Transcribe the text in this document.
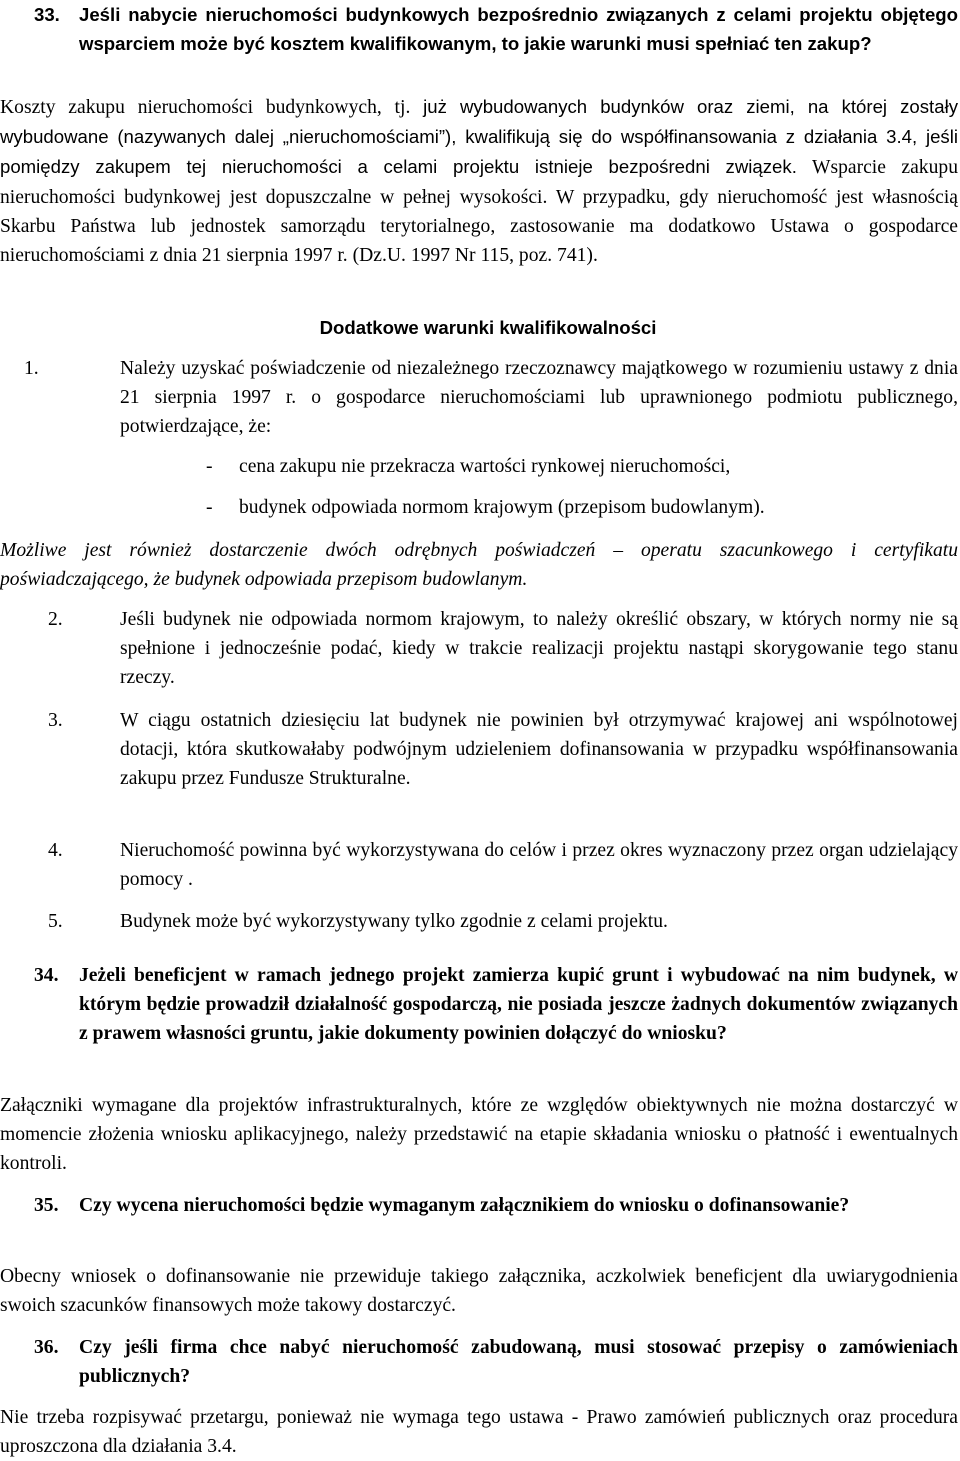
33. Jeśli nabycie nieruchomości budynkowych bezpośrednio związanych z celami projektu objętego wsparciem może być kosztem kwalifikowanym, to jakie warunki musi spełniać ten zakup?
Koszty zakupu nieruchomości budynkowych, tj. już wybudowanych budynków oraz ziemi, na której zostały wybudowane (nazywanych dalej „nieruchomościami”), kwalifikują się do współfinansowania z działania 3.4, jeśli pomiędzy zakupem tej nieruchomości a celami projektu istnieje bezpośredni związek. Wsparcie zakupu nieruchomości budynkowej jest dopuszczalne w pełnej wysokości. W przypadku, gdy nieruchomość jest własnością Skarbu Państwa lub jednostek samorządu terytorialnego, zastosowanie ma dodatkowo Ustawa o gospodarce nieruchomościami z dnia 21 sierpnia 1997 r. (Dz.U. 1997 Nr 115, poz. 741).
Dodatkowe warunki kwalifikowalności
1.	Należy uzyskać poświadczenie od niezależnego rzeczoznawcy majątkowego w rozumieniu ustawy z dnia 21 sierpnia 1997 r. o gospodarce nieruchomościami lub uprawnionego podmiotu publicznego, potwierdzające, że:
- cena zakupu nie przekracza wartości rynkowej nieruchomości,
- budynek odpowiada normom krajowym (przepisom budowlanym).
Możliwe jest również dostarczenie dwóch odrębnych poświadczeń – operatu szacunkowego i certyfikatu poświadczającego, że budynek odpowiada przepisom budowlanym.
2.	Jeśli budynek nie odpowiada normom krajowym, to należy określić obszary, w których normy nie są spełnione i jednocześnie podać, kiedy w trakcie realizacji projektu nastąpi skorygowanie tego stanu rzeczy.
3.	W ciągu ostatnich dziesięciu lat budynek nie powinien był otrzymywać krajowej ani wspólnotowej dotacji, która skutkowałaby podwójnym udzieleniem dofinansowania w przypadku współfinansowania zakupu przez Fundusze Strukturalne.
4.	Nieruchomość powinna być wykorzystywana do celów i przez okres wyznaczony przez organ udzielający pomocy .
5.	Budynek może być wykorzystywany tylko zgodnie z celami projektu.
34. Jeżeli beneficjent w ramach jednego projekt zamierza kupić grunt i wybudować na nim budynek, w którym będzie prowadził działalność gospodarczą, nie posiada jeszcze żadnych dokumentów związanych z prawem własności gruntu, jakie dokumenty powinien dołączyć do wniosku?
Załączniki wymagane dla projektów infrastrukturalnych, które ze względów obiektywnych nie można dostarczyć w momencie złożenia wniosku aplikacyjnego, należy przedstawić na etapie składania wniosku o płatność i ewentualnych kontroli.
35. Czy wycena nieruchomości będzie wymaganym załącznikiem do wniosku o dofinansowanie?
Obecny wniosek o dofinansowanie nie przewiduje takiego załącznika, aczkolwiek beneficjent dla uwiarygodnienia swoich szacunków finansowych może takowy dostarczyć.
36. Czy jeśli firma chce nabyć nieruchomość zabudowaną, musi stosować przepisy o zamówieniach publicznych?
Nie trzeba rozpisywać przetargu, ponieważ nie wymaga tego ustawa - Prawo zamówień publicznych oraz procedura uproszczona dla działania 3.4.
